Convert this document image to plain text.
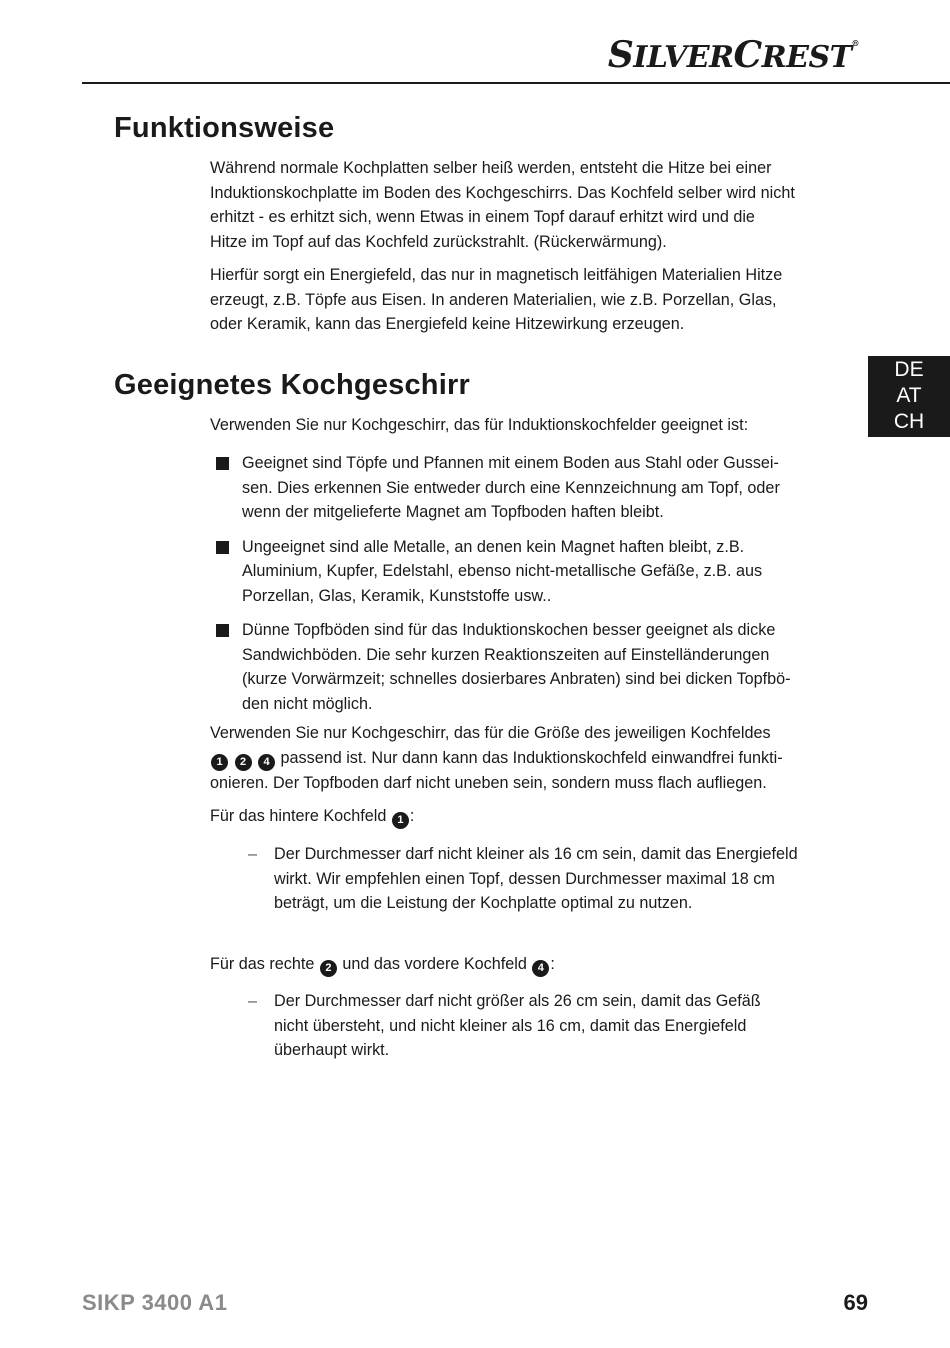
SILVERCREST®
DE
AT
CH
Funktionsweise

Während normale Kochplatten selber heiß werden, entsteht die Hitze bei einer

Induktionskochplatte im Boden des Kochgeschirrs. Das Kochfeld selber wird nicht

erhitzt - es erhitzt sich, wenn Etwas in einem Topf darauf erhitzt wird und die

Hitze im Topf auf das Kochfeld zurückstrahlt. (Rückerwärmung).

Hierfür sorgt ein Energiefeld, das nur in magnetisch leitfähigen Materialien Hitze

erzeugt, z.B. Töpfe aus Eisen. In anderen Materialien, wie z.B. Porzellan, Glas,

oder Keramik, kann das Energiefeld keine Hitzewirkung erzeugen.

Geeignetes Kochgeschirr

Verwenden Sie nur Kochgeschirr, das für Induktionskochfelder geeignet ist:

Geeignet sind Töpfe und Pfannen mit einem Boden aus Stahl oder Gussei-
sen. Dies erkennen Sie entweder durch eine Kennzeichnung am Topf, oder
wenn der mitgelieferte Magnet am Topfboden haften bleibt.
Ungeeignet sind alle Metalle, an denen kein Magnet haften bleibt, z.B.
Aluminium, Kupfer, Edelstahl, ebenso nicht-metallische Gefäße, z.B. aus
Porzellan, Glas, Keramik, Kunststoffe usw..
Dünne Topfböden sind für das Induktionskochen besser geeignet als dicke
Sandwichböden. Die sehr kurzen Reaktionszeiten auf Einstelländerungen
(kurze Vorwärmzeit; schnelles dosierbares Anbraten) sind bei dicken Topfbö-
den nicht möglich.

Verwenden Sie nur Kochgeschirr, das für die Größe des jeweiligen Kochfeldes

1 2 4 passend ist. Nur dann kann das Induktionskochfeld einwandfrei funkti-

onieren. Der Topfboden darf nicht uneben sein, sondern muss flach aufliegen.

Für das hintere Kochfeld 1 :

– Der Durchmesser darf nicht kleiner als 16 cm sein, damit das Energiefeld
wirkt. Wir empfehlen einen Topf, dessen Durchmesser maximal 18 cm
beträgt, um die Leistung der Kochplatte optimal zu nutzen.

Für das rechte 2 und das vordere Kochfeld 4 :

– Der Durchmesser darf nicht größer als 26 cm sein, damit das Gefäß
nicht übersteht, und nicht kleiner als 16 cm, damit das Energiefeld
überhaupt wirkt.
SIKP 3400 A1	69
